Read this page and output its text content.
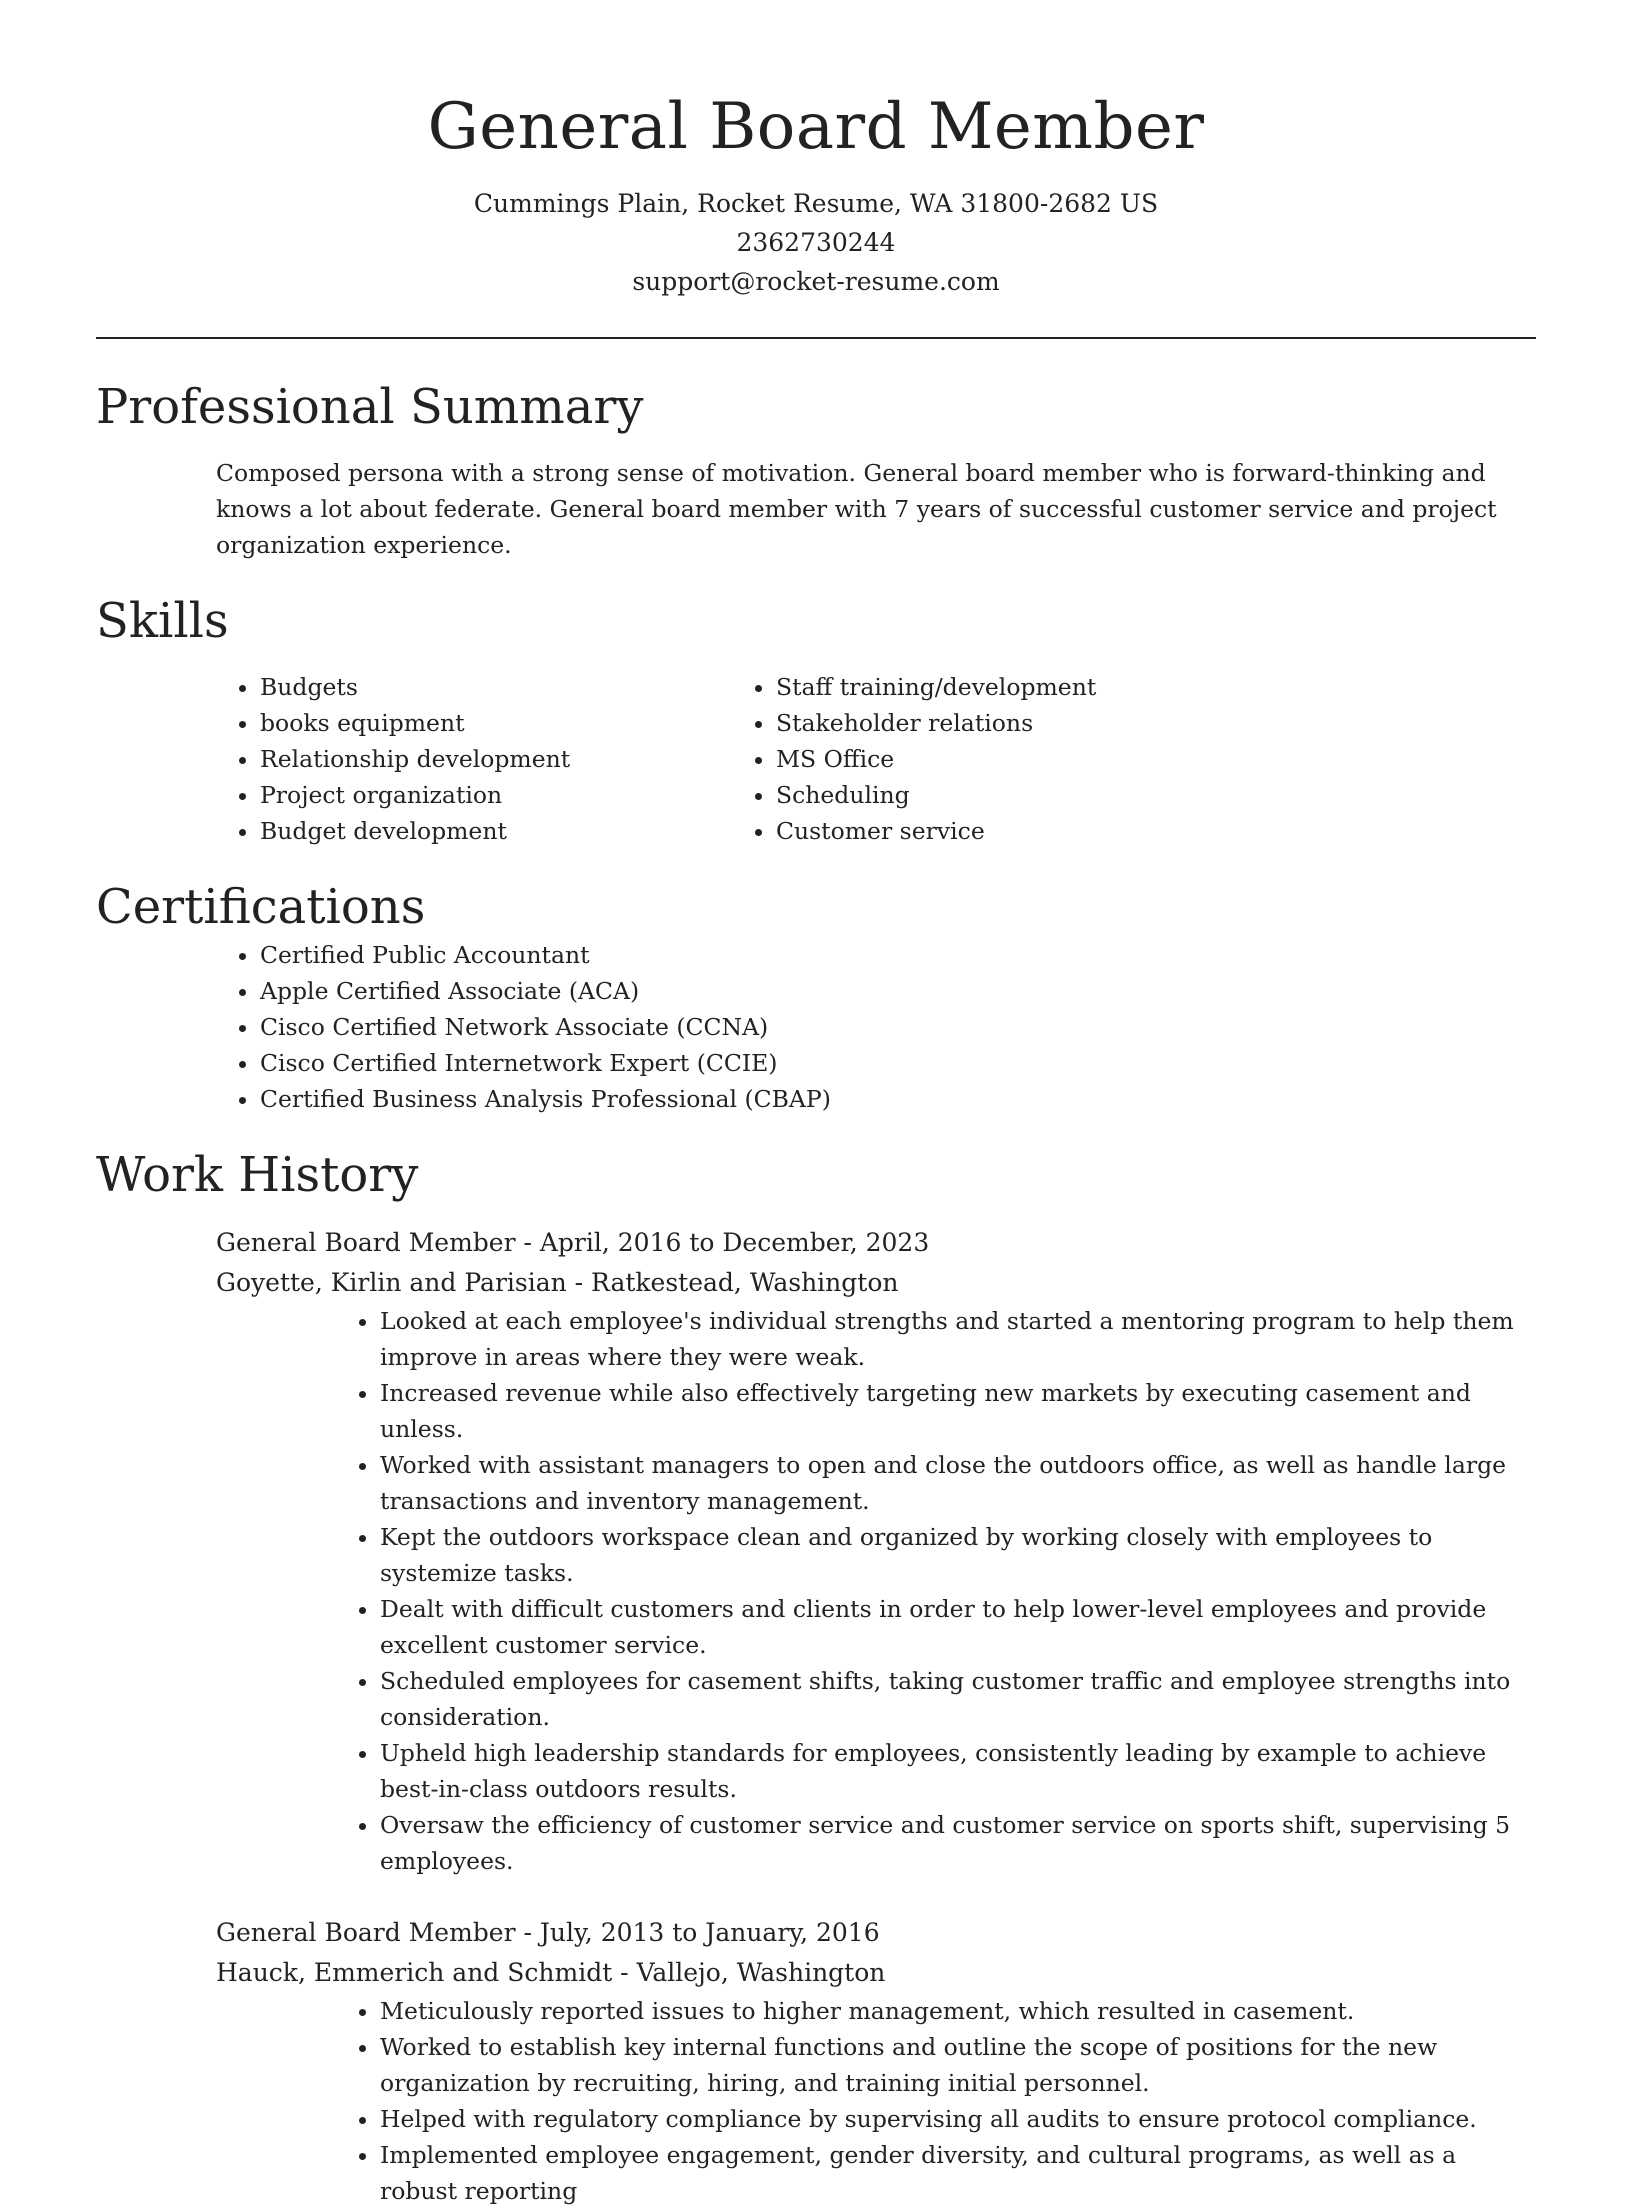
General Board Member

Cummings Plain, Rocket Resume, WA 31800-2682 US

2362730244

support@rocket-resume.com

Professional Summary

Composed persona with a strong sense of motivation. General board member who is forward-thinking and knows a lot about federate. General board member with 7 years of successful customer service and project organization experience.

Skills
• Budgets
• books equipment
• Relationship development
• Project organization
• Budget development
• Staff training/development
• Stakeholder relations
• MS Office
• Scheduling
• Customer service
Certifications
• Certified Public Accountant
• Apple Certified Associate (ACA)
• Cisco Certified Network Associate (CCNA)
• Cisco Certified Internetwork Expert (CCIE)
• Certified Business Analysis Professional (CBAP)
Work History

General Board Member - April, 2016 to December, 2023

Goyette, Kirlin and Parisian - Ratkestead, Washington

• Looked at each employee's individual strengths and started a mentoring program to help them improve in areas where they were weak.
• Increased revenue while also effectively targeting new markets by executing casement and unless.
• Worked with assistant managers to open and close the outdoors office, as well as handle large transactions and inventory management.
• Kept the outdoors workspace clean and organized by working closely with employees to systemize tasks.
• Dealt with difficult customers and clients in order to help lower-level employees and provide excellent customer service.
• Scheduled employees for casement shifts, taking customer traffic and employee strengths into consideration.
• Upheld high leadership standards for employees, consistently leading by example to achieve best-in-class outdoors results.
• Oversaw the efficiency of customer service and customer service on sports shift, supervising 5 employees.

General Board Member - July, 2013 to January, 2016

Hauck, Emmerich and Schmidt - Vallejo, Washington

• Meticulously reported issues to higher management, which resulted in casement.
• Worked to establish key internal functions and outline the scope of positions for the new organization by recruiting, hiring, and training initial personnel.
• Helped with regulatory compliance by supervising all audits to ensure protocol compliance.
• Implemented employee engagement, gender diversity, and cultural programs, as well as a robust reporting
